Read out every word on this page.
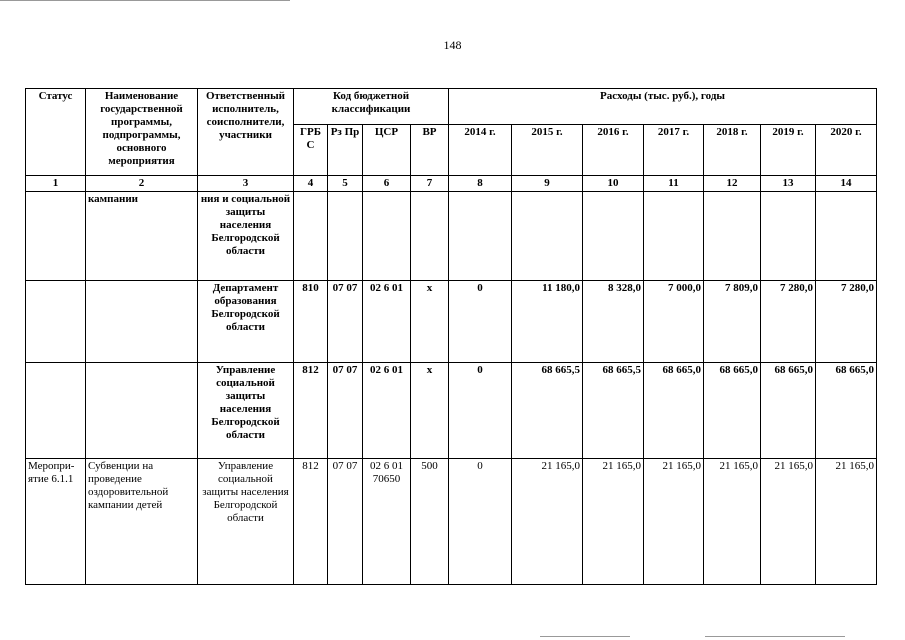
148
Статус	Наименование государственной программы, подпрограммы, основного мероприятия	Ответственный исполнитель, соисполнители, участники	Код бюджетной классификации				Расходы (тыс. руб.), годы						
			ГРБ С	Рз Пр	ЦСР	ВР	2014 г.	2015 г.	2016 г.	2017 г.	2018 г.	2019 г.	2020 г.
1	2	3	4	5	6	7	8	9	10	11	12	13	14
	кампании	ния и социальной защиты населения Белгородской области											
		Департамент образования Белгородской области	810	07 07	02 6 01	х	0	11 180,0	8 328,0	7 000,0	7 809,0	7 280,0	7 280,0
		Управление социальной защиты населения Белгородской области	812	07 07	02 6 01	х	0	68 665,5	68 665,5	68 665,0	68 665,0	68 665,0	68 665,0
Меропри-ятие 6.1.1	Субвенции на проведение оздоровительной кампании детей	Управление социальной защиты населения Белгородской области	812	07 07	02 6 01 70650	500	0	21 165,0	21 165,0	21 165,0	21 165,0	21 165,0	21 165,0
